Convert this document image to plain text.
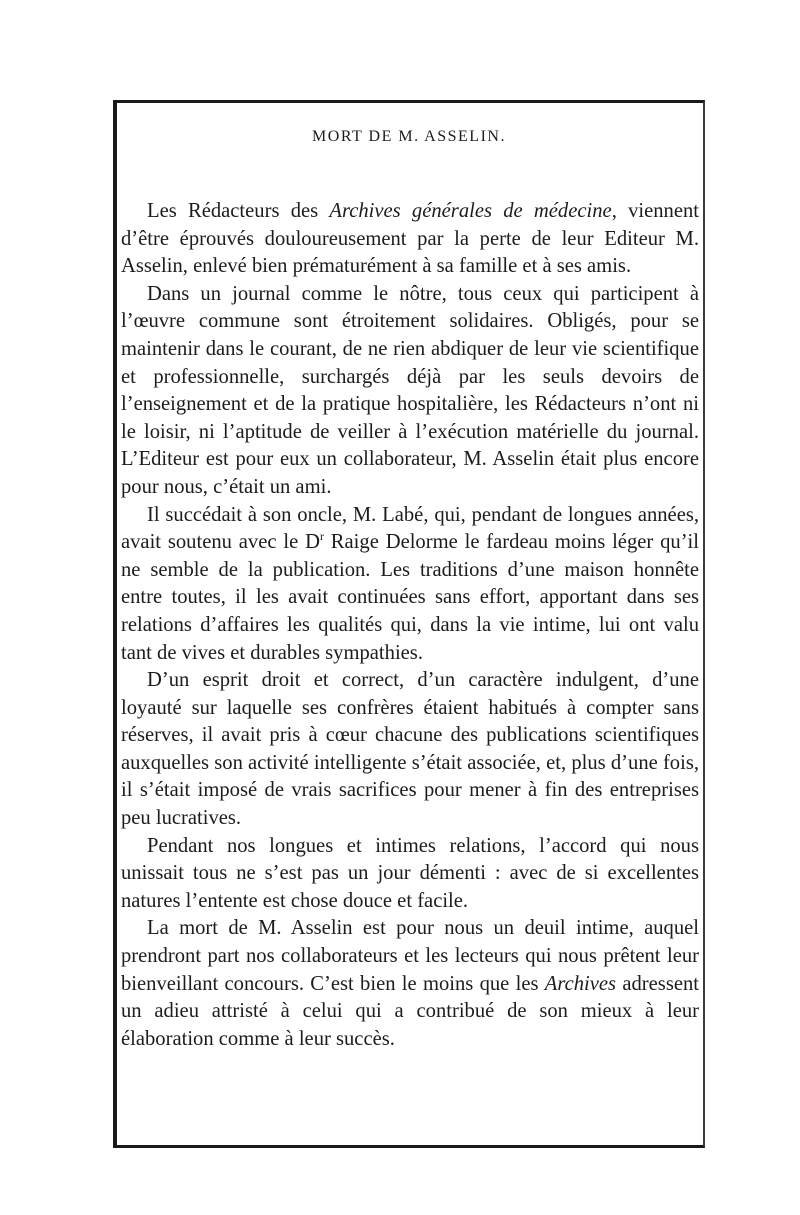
MORT DE M. ASSELIN.

Les Rédacteurs des Archives générales de médecine, viennent d’être éprouvés douloureusement par la perte de leur Editeur M. Asselin, enlevé bien prématurément à sa famille et à ses amis.

Dans un journal comme le nôtre, tous ceux qui participent à l’œuvre commune sont étroitement solidaires. Obligés, pour se maintenir dans le courant, de ne rien abdiquer de leur vie scientifique et professionnelle, surchargés déjà par les seuls devoirs de l’enseignement et de la pratique hospitalière, les Rédacteurs n’ont ni le loisir, ni l’aptitude de veiller à l’exécution matérielle du journal. L’Editeur est pour eux un collaborateur, M. Asselin était plus encore pour nous, c’était un ami.

Il succédait à son oncle, M. Labé, qui, pendant de longues années, avait soutenu avec le $D^r$ Raige Delorme le fardeau moins léger qu’il ne semble de la publication. Les traditions d’une maison honnête entre toutes, il les avait continuées sans effort, apportant dans ses relations d’affaires les qualités qui, dans la vie intime, lui ont valu tant de vives et durables sympathies.

D’un esprit droit et correct, d’un caractère indulgent, d’une loyauté sur laquelle ses confrères étaient habitués à compter sans réserves, il avait pris à cœur chacune des publications scientifiques auxquelles son activité intelligente s’était associée, et, plus d’une fois, il s’était imposé de vrais sacrifices pour mener à fin des entreprises peu lucratives.

Pendant nos longues et intimes relations, l’accord qui nous unissait tous ne s’est pas un jour démenti : avec de si excellentes natures l’entente est chose douce et facile.

La mort de M. Asselin est pour nous un deuil intime, auquel prendront part nos collaborateurs et les lecteurs qui nous prêtent leur bienveillant concours. C’est bien le moins que les Archives adressent un adieu attristé à celui qui a contribué de son mieux à leur élaboration comme à leur succès.
